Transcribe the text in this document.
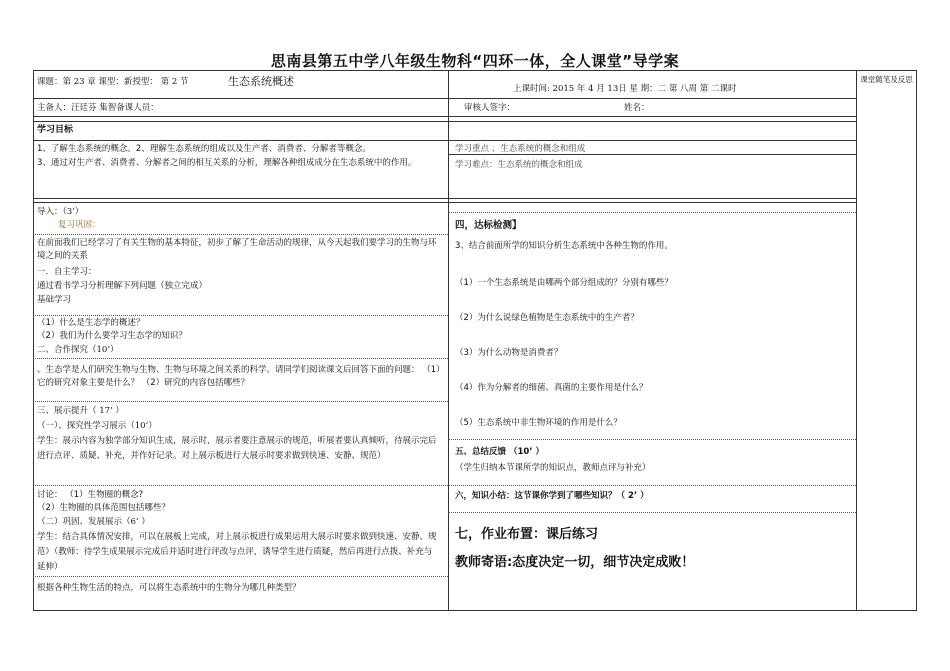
思南县第五中学八年级生物科“四环一体，全人课堂”导学案
课题：第 23 章 课型：新授型： 第 2 节	生态系统概述
上课时间: 2015 年 4 月 13日 星 期：二 第 八周 第 二课时
课堂随笔及反思
主备人：汪廷芬 集智备课人员：	审核人签字：	姓名：
学习目标
1、了解生态系统的概念。2、理解生态系统的组成以及生产者、消费者、分解者等概念。
3、通过对生产者、消费者、分解者之间的相互关系的分析，理解各种组成成分在生态系统中的作用。
学习重点 、生态系统的概念和组成
学习难点：生态系统的概念和组成
导入：（3’）
复习巩固：
在前面我们已经学习了有关生物的基本特征，初步了解了生命活动的规律，从今天起我们要学习的生物与环境之间的关系
一．自主学习：
通过看书学习分析理解下列问题（独立完成）
基础学习
（1）什么是生态学的概述？
（2）我们为什么要学习生态学的知识？
二、合作探究（10’）
、生态学是人们研究生物与生物、生物与环境之间关系的科学。请同学们阅读课文后回答下面的问题： （1）它的研究对象主要是什么？ （2）研究的内容包括哪些？
三、展示提升（ 17’ ）
（一）、探究性学习展示（10’）
学生：展示内容为独学部分知识生成，展示时，展示者要注意展示的规范，听展者要认真倾听，待展示完后进行点评、质疑、补充，并作好记录。对上展示板进行大展示时要求做到快速、安静、规范）
讨论： （1）生物圈的概念?
（2）生物圈的具体范围包括哪些？
（二）巩固、发展展示（6’ ）
学生：结合具体情况安排，可以在展板上完成，对上展示板进行成果运用大展示时要求做到快速、安静、规范）（教师：待学生成果展示完成后并适时进行评改与点评，诱导学生进行质疑，然后再进行点拨、补充与延伸）
根据各种生物生活的特点，可以将生态系统中的生物分为哪几种类型？
四，达标检测】
3、结合前面所学的知识分析生态系统中各种生物的作用。
（1）一个生态系统是由哪两个部分组成的？分别有哪些？
（2）为什么说绿色植物是生态系统中的生产者？
（3）为什么动物是消费者？
（4）作为分解者的细菌、真菌的主要作用是什么？
（5）生态系统中非生物环境的作用是什么？
五、总结反馈 （10’ ）
（学生归纳本节课所学的知识点，教师点评与补充）
六，知识小结：这节课你学到了哪些知识？（ 2’ ）
七，作业布置：课后练习
教师寄语:态度决定一切，细节决定成败！
